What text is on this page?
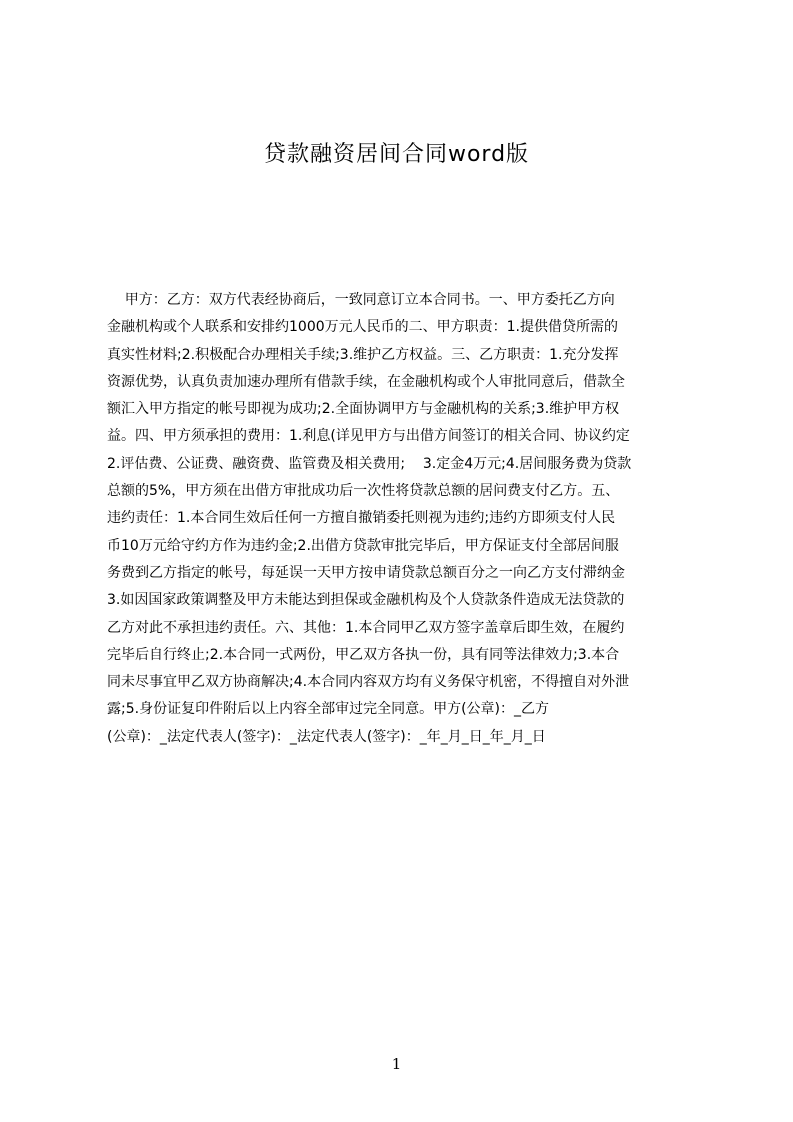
贷款融资居间合同word版
甲方：乙方：双方代表经协商后，一致同意订立本合同书。一、甲方委托乙方向
金融机构或个人联系和安排约1000万元人民币的二、甲方职责：1.提供借贷所需的
真实性材料;2.积极配合办理相关手续;3.维护乙方权益。三、乙方职责：1.充分发挥
资源优势，认真负责加速办理所有借款手续，在金融机构或个人审批同意后，借款全
额汇入甲方指定的帐号即视为成功;2.全面协调甲方与金融机构的关系;3.维护甲方权
益。四、甲方须承担的费用：1.利息(详见甲方与出借方间签订的相关合同、协议约定
2.评估费、公证费、融资费、监管费及相关费用;    3.定金4万元;4.居间服务费为贷款
总额的5%，甲方须在出借方审批成功后一次性将贷款总额的居问费支付乙方。五、
违约责任：1.本合同生效后任何一方擅自撤销委托则视为违约;违约方即须支付人民
币10万元给守约方作为违约金;2.出借方贷款审批完毕后，甲方保证支付全部居间服
务费到乙方指定的帐号，每延误一天甲方按申请贷款总额百分之一向乙方支付滞纳金
3.如因国家政策调整及甲方未能达到担保或金融机构及个人贷款条件造成无法贷款的
乙方对此不承担违约责任。六、其他：1.本合同甲乙双方签字盖章后即生效，在履约
完毕后自行终止;2.本合同一式两份，甲乙双方各执一份，具有同等法律效力;3.本合
同未尽事宜甲乙双方协商解决;4.本合同内容双方均有义务保守机密，不得擅自对外泄
露;5.身份证复印件附后以上内容全部审过完全同意。甲方(公章)：_乙方
(公章)：_法定代表人(签字)：_法定代表人(签字)：_年_月_日_年_月_日
1
